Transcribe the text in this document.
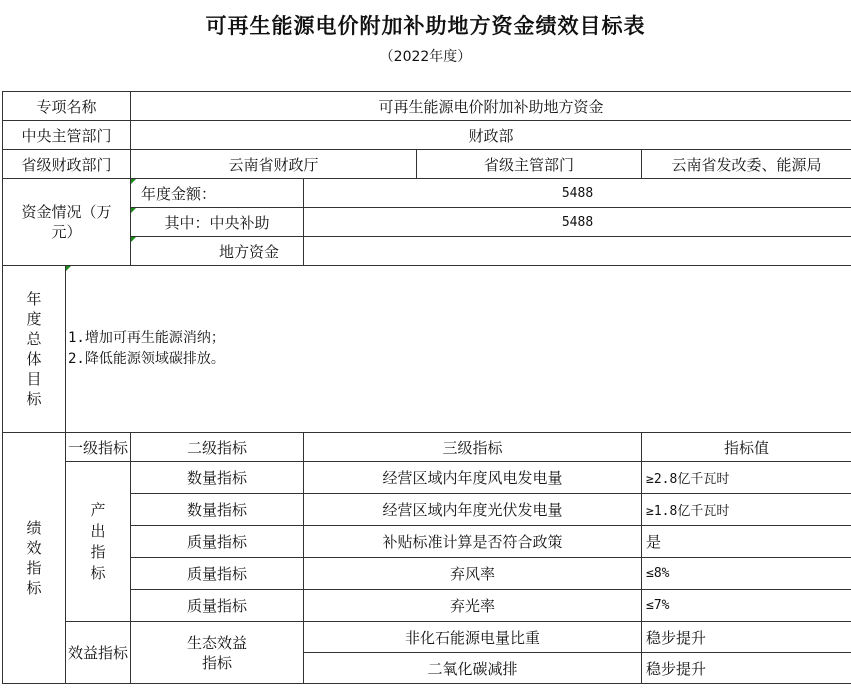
可再生能源电价附加补助地方资金绩效目标表
（2022年度）
专项名称		可再生能源电价附加补助地方资金			
中央主管部门		财政部			
省级财政部门		云南省财政厅		省级主管部门	云南省发改委、能源局
资金情况（万元）		年度金额：	5488		

其中：中央补助	5488		

地方资金			
年度总体目标	1.增加可再生能源消纳；
2.降低能源领域碳排放。				

绩效指标	一级指标	二级指标	三级指标		指标值
	产出指标	数量指标	经营区域内年度风电发电量		≥2.8亿千瓦时
		数量指标	经营区域内年度光伏发电量		≥1.8亿千瓦时
		质量指标	补贴标准计算是否符合政策		是
		质量指标	弃风率		≤8%
		质量指标	弃光率		≤7%
	效益指标	生态效益指标	非化石能源电量比重		稳步提升
			二氧化碳减排		稳步提升
